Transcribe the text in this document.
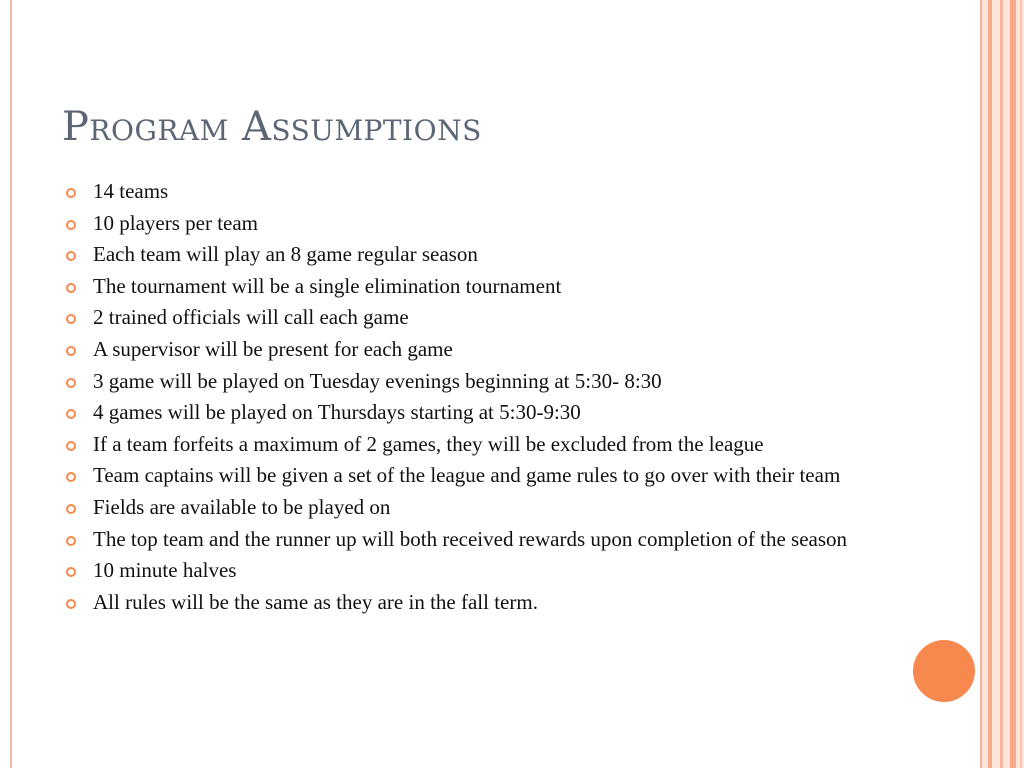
Program Assumptions
14 teams
10 players per team
Each team will play an 8 game regular season
The tournament will be a single elimination tournament
2 trained officials will call each game
A supervisor will be present for each game
3 game will be played on Tuesday evenings beginning at 5:30- 8:30
4 games will be played on Thursdays starting at 5:30-9:30
If a team forfeits a maximum of 2 games, they will be excluded from the league
Team captains will be given a set of the league and game rules to go over with their team
Fields are available to be played on
The top team and the runner up will both received rewards upon completion of the season
10 minute halves
All rules will be the same as they are in the fall term.
